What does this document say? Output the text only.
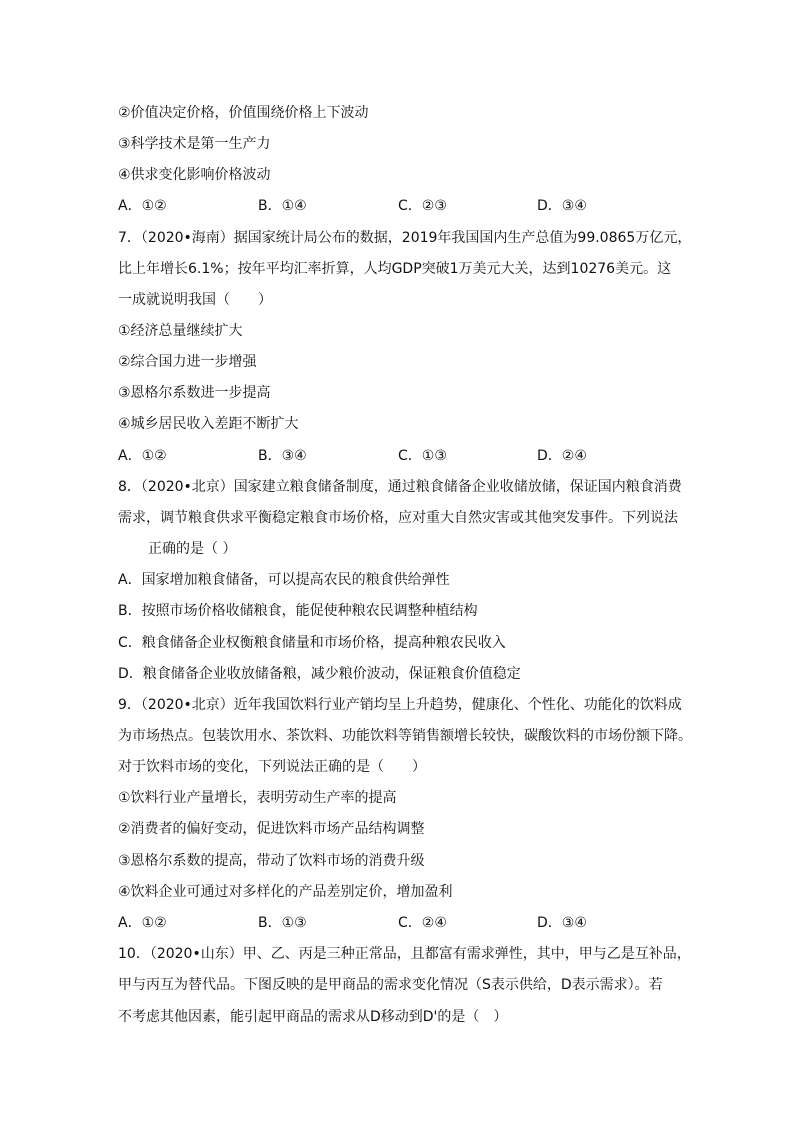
②价值决定价格，价值围绕价格上下波动

③科学技术是第一生产力

④供求变化影响价格波动

A．①②	B．①④	C．②③	D．③④

7．（2020•海南）据国家统计局公布的数据，2019年我国国内生产总值为99.0865万亿元，

比上年增长6.1%；按年平均汇率折算，人均GDP突破1万美元大关，达到10276美元。这

一成就说明我国（　　）

①经济总量继续扩大

②综合国力进一步增强

③恩格尔系数进一步提高

④城乡居民收入差距不断扩大

A．①②	B．③④	C．①③	D．②④

8．（2020•北京）国家建立粮食储备制度，通过粮食储备企业收储放储，保证国内粮食消费

需求，调节粮食供求平衡稳定粮食市场价格，应对重大自然灾害或其他突发事件。下列说法

正确的是（ ）

A．国家增加粮食储备，可以提高农民的粮食供给弹性

B．按照市场价格收储粮食，能促使种粮农民调整种植结构

C．粮食储备企业权衡粮食储量和市场价格，提高种粮农民收入

D．粮食储备企业收放储备粮，减少粮价波动，保证粮食价值稳定

9．（2020•北京）近年我国饮料行业产销均呈上升趋势，健康化、个性化、功能化的饮料成

为市场热点。包装饮用水、茶饮料、功能饮料等销售额增长较快，碳酸饮料的市场份额下降。

对于饮料市场的变化，下列说法正确的是（　　）

①饮料行业产量增长，表明劳动生产率的提高

②消费者的偏好变动，促进饮料市场产品结构调整

③恩格尔系数的提高，带动了饮料市场的消费升级

④饮料企业可通过对多样化的产品差别定价，增加盈利

A．①②	B．①③	C．②④	D．③④

10．（2020•山东）甲、乙、丙是三种正常品，且都富有需求弹性，其中，甲与乙是互补品，

甲与丙互为替代品。下图反映的是甲商品的需求变化情况（S表示供给，D表示需求）。若

不考虑其他因素，能引起甲商品的需求从D移动到D'的是（　）
